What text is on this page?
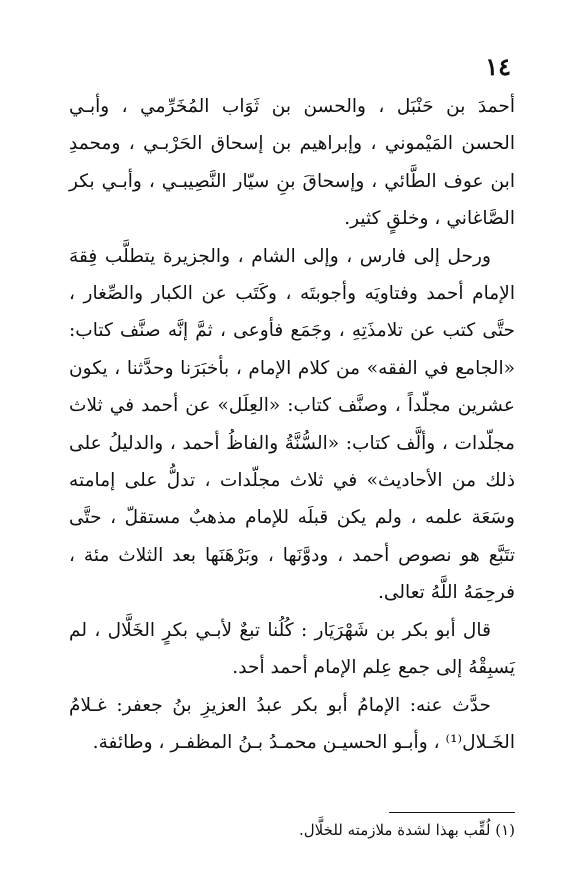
١٤

أحمدَ بن حَنْبَل ، والحسن بن ثَوَاب المُخَرِّمي ، وأبـي الحسن المَيْموني ، وإبراهيم بن إسحاق الحَرْبـي ، ومحمدِ ابن عوف الطَّائي ، وإسحاقَ بنِ سيّار النَّصِيبـي ، وأبـي بكر الصَّاغاني ، وخلقٍ كثير.

ورحل إلى فارس ، وإلى الشام ، والجزيرة يتطلَّب فِقهَ الإمام أحمد وفتاويَه وأجوبتَه ، وكَتَب عن الكبار والصِّغار ، حتَّى كتب عن تلامذَتِهِ ، وجَمَع فأوعى ، ثمَّ إنَّه صنَّف كتاب: «الجامع في الفقه» من كلام الإمام ، بأخبَرَنا وحدَّثنا ، يكون عشرين مجلّداً ، وصنَّف كتاب: «العِلَل» عن أحمد في ثلاث مجلّدات ، وألَّف كتاب: «السُّنَّةُ والفاظُ أحمد ، والدليلُ على ذلك من الأحاديث» في ثلاث مجلّدات ، تدلُّ على إمامته وسَعَة علمه ، ولم يكن قبلَه للإمام مذهبٌ مستقلّ ، حتَّى تتَبَّع هو نصوص أحمد ، ودوَّنَها ، وبَرْهَنَها بعد الثلاث مئة ، فرحِمَهُ اللَّهُ تعالى.

قال أبو بكر بن شَهْرَيَار : كُلُنا تبعٌ لأبـي بكرٍ الخَلَّال ، لم يَسبِقْهُ إلى جمع عِلم الإمام أحمد أحد.

حدَّث عنه: الإمامُ أبو بكر عبدُ العزيزِ بنُ جعفر: غـلامُ الخَـلال⁽¹⁾ ، وأبـو الحسيـن محمـدُ بـنُ المظفـر ، وطائفة.

(١) لُقِّب بهذا لشدة ملازمته للخلَّال.
